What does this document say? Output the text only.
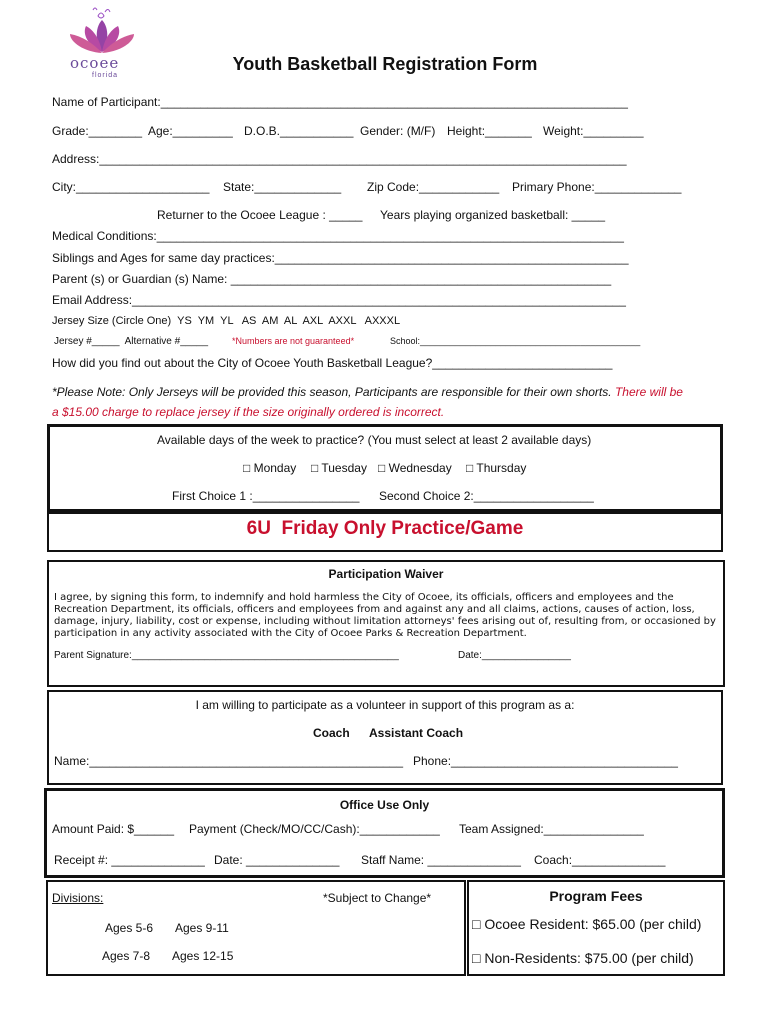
ocoee
florida
Youth Basketball Registration Form
Name of Participant:______________________________________________________________________
Grade:________ Age:_________ D.O.B.___________ Gender: (M/F) Height:_______ Weight:_________
Address:_______________________________________________________________________________
City:____________________ State:_____________ Zip Code:____________ Primary Phone:_____________
Returner to the Ocoee League : _____ Years playing organized basketball: _____
Medical Conditions:______________________________________________________________________
Siblings and Ages for same day practices:_____________________________________________________
Parent (s) or Guardian (s) Name: _________________________________________________________
Email Address:__________________________________________________________________________
Jersey Size (Circle One)  YS  YM  YL   AS  AM  AL  AXL  AXXL   AXXXL
Jersey #_____  Alternative #_____	*Numbers are not guaranteed*	School:____________________________________________
How did you find out about the City of Ocoee Youth Basketball League?___________________________
*Please Note: Only Jerseys will be provided this season, Participants are responsible for their own shorts. There will be
a $15.00 charge to replace jersey if the size originally ordered is incorrect.
Available days of the week to practice? (You must select at least 2 available days)
□ Monday □ Tuesday □ Wednesday □ Thursday
First Choice 1 :________________ Second Choice 2:__________________
6U  Friday Only Practice/Game
Participation Waiver
I agree, by signing this form, to indemnify and hold harmless the City of Ocoee, its officials, officers and employees and the Recreation Department, its officials, officers and employees from and against any and all claims, actions, causes of action, loss, damage, injury, liability, cost or expense, including without limitation attorneys' fees arising out of, resulting from, or occasioned by participation in any activity associated with the City of Ocoee Parks & Recreation Department.
Parent Signature:________________________________________________	Date:________________
I am willing to participate as a volunteer in support of this program as a:
Coach Assistant Coach
Name:_______________________________________________ Phone:__________________________________
Office Use Only
Amount Paid: $______ Payment (Check/MO/CC/Cash):____________ Team Assigned:_______________
Receipt #: ______________ Date: ______________ Staff Name: ______________ Coach:______________
Divisions:	*Subject to Change*
Ages 5-6 Ages 9-11
Ages 7-8 Ages 12-15
Program Fees
□ Ocoee Resident: $65.00 (per child)
□ Non-Residents: $75.00 (per child)
